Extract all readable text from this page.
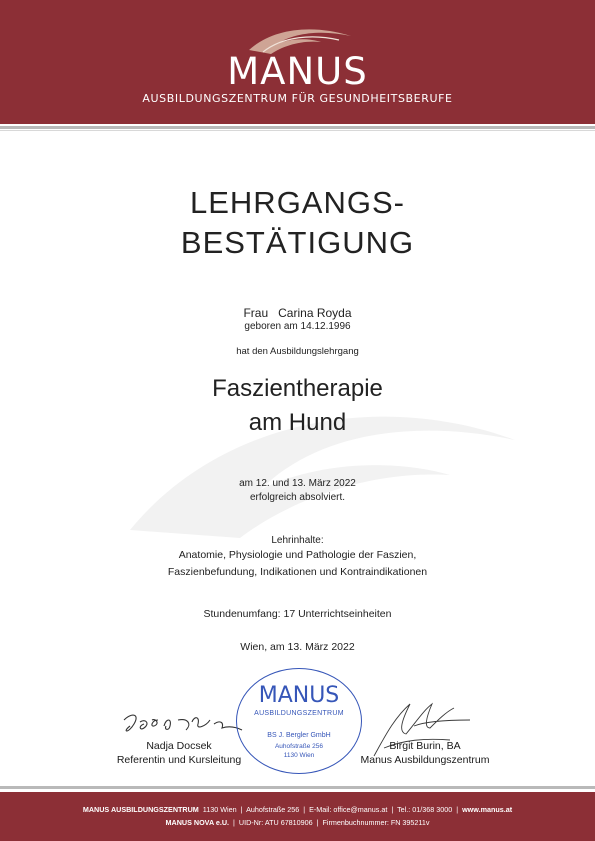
MANUS
AUSBILDUNGSZENTRUM FÜR GESUNDHEITSBERUFE
LEHRGANGS-
BESTÄTIGUNG
Frau   Carina Royda
geboren am 14.12.1996
hat den Ausbildungslehrgang
Faszientherapie
am Hund
am 12. und 13. März 2022
erfolgreich absolviert.
Lehrinhalte:
Anatomie, Physiologie und Pathologie der Faszien,
Faszienbefundung, Indikationen und Kontraindikationen
Stundenumfang: 17 Unterrichtseinheiten
Wien, am 13. März 2022
Nadja Docsek
Referentin und Kursleitung
Birgit Burin, BA
Manus Ausbildungszentrum
MANUS
AUSBILDUNGSZENTRUM
BS J. Bergler GmbH
Auhofstraße 256
1130 Wien
MANUS AUSBILDUNGSZENTRUM  1130 Wien  |  Auhofstraße 256  |  E-Mail: office@manus.at  |  Tel.: 01/368 3000  |  www.manus.at
MANUS NOVA e.U.  |  UID-Nr: ATU 67810906  |  Firmenbuchnummer: FN 395211v
